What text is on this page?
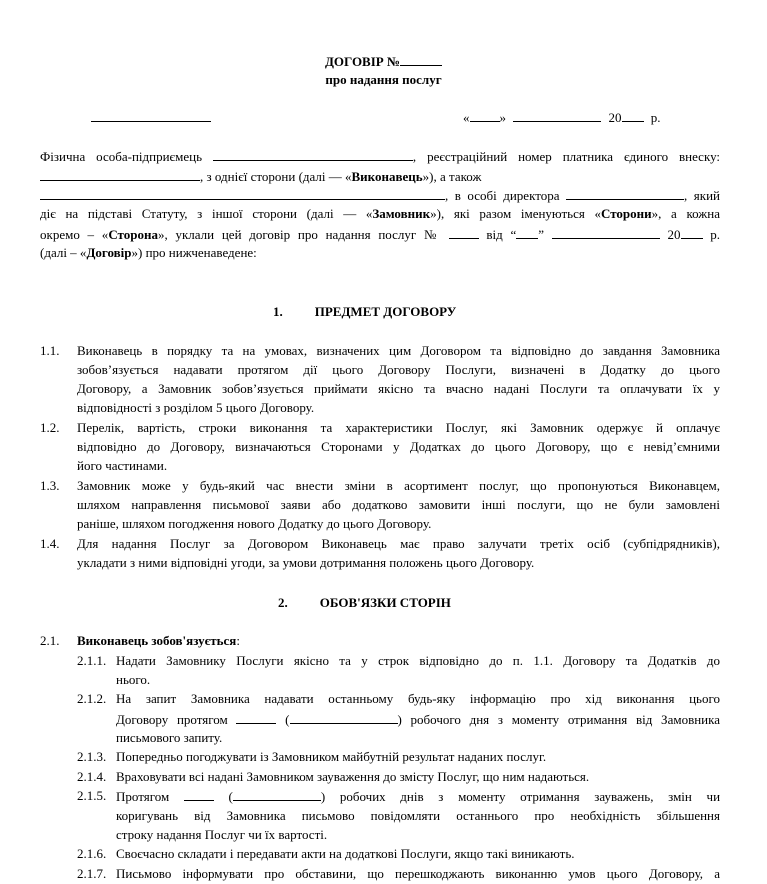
ДОГОВІР №
про надання послуг
« »	20 р.
Фізична особа-підприємець	, реєстраційний номер платника єдиного внеску:
, з однієї сторони (далі — «Виконавець»), а також
, в особі директора	, який
діє на підставі Статуту, з іншої сторони (далі — «Замовник»), які разом іменуються «Сторони», а кожна
окремо – «Сторона», уклали цей договір про надання послуг №	від “ ”	20 р.
(далі – «Договір») про нижченаведене:
1. ПРЕДМЕТ ДОГОВОРУ
1.1. Виконавець в порядку та на умовах, визначених цим Договором та відповідно до завдання Замовника
зобов’язується надавати протягом дії цього Договору Послуги, визначені в Додатку до цього
Договору, а Замовник зобов’язується приймати якісно та вчасно надані Послуги та оплачувати їх у
відповідності з розділом 5 цього Договору.
1.2. Перелік, вартість, строки виконання та характеристики Послуг, які Замовник одержує й оплачує
відповідно до Договору, визначаються Сторонами у Додатках до цього Договору, що є невід’ємними
його частинами.
1.3. Замовник може у будь-який час внести зміни в асортимент послуг, що пропонуються Виконавцем,
шляхом направлення письмової заяви або додатково замовити інші послуги, що не були замовлені
раніше, шляхом погодження нового Додатку до цього Договору.
1.4. Для надання Послуг за Договором Виконавець має право залучати третіх осіб (субпідрядників),
укладати з ними відповідні угоди, за умови дотримання положень цього Договору.
2. ОБОВ'ЯЗКИ СТОРІН
2.1. Виконавець зобов'язується:
2.1.1. Надати Замовнику Послуги якісно та у строк відповідно до п. 1.1. Договору та Додатків до
нього.
2.1.2. На запит Замовника надавати останньому будь-яку інформацію про хід виконання цього
Договору протягом	(	) робочого дня з моменту отримання від Замовника
письмового запиту.
2.1.3. Попередньо погоджувати із Замовником майбутній результат наданих послуг.
2.1.4. Враховувати всі надані Замовником зауваження до змісту Послуг, що ним надаються.
2.1.5. Протягом	(	) робочих днів з моменту отримання зауважень, змін чи
коригувань від Замовника письмово повідомляти останнього про необхідність збільшення
строку надання Послуг чи їх вартості.
2.1.6. Своєчасно складати і передавати акти на додаткові Послуги, якщо такі виникають.
2.1.7. Письмово інформувати про обставини, що перешкоджають виконанню умов цього Договору, а
